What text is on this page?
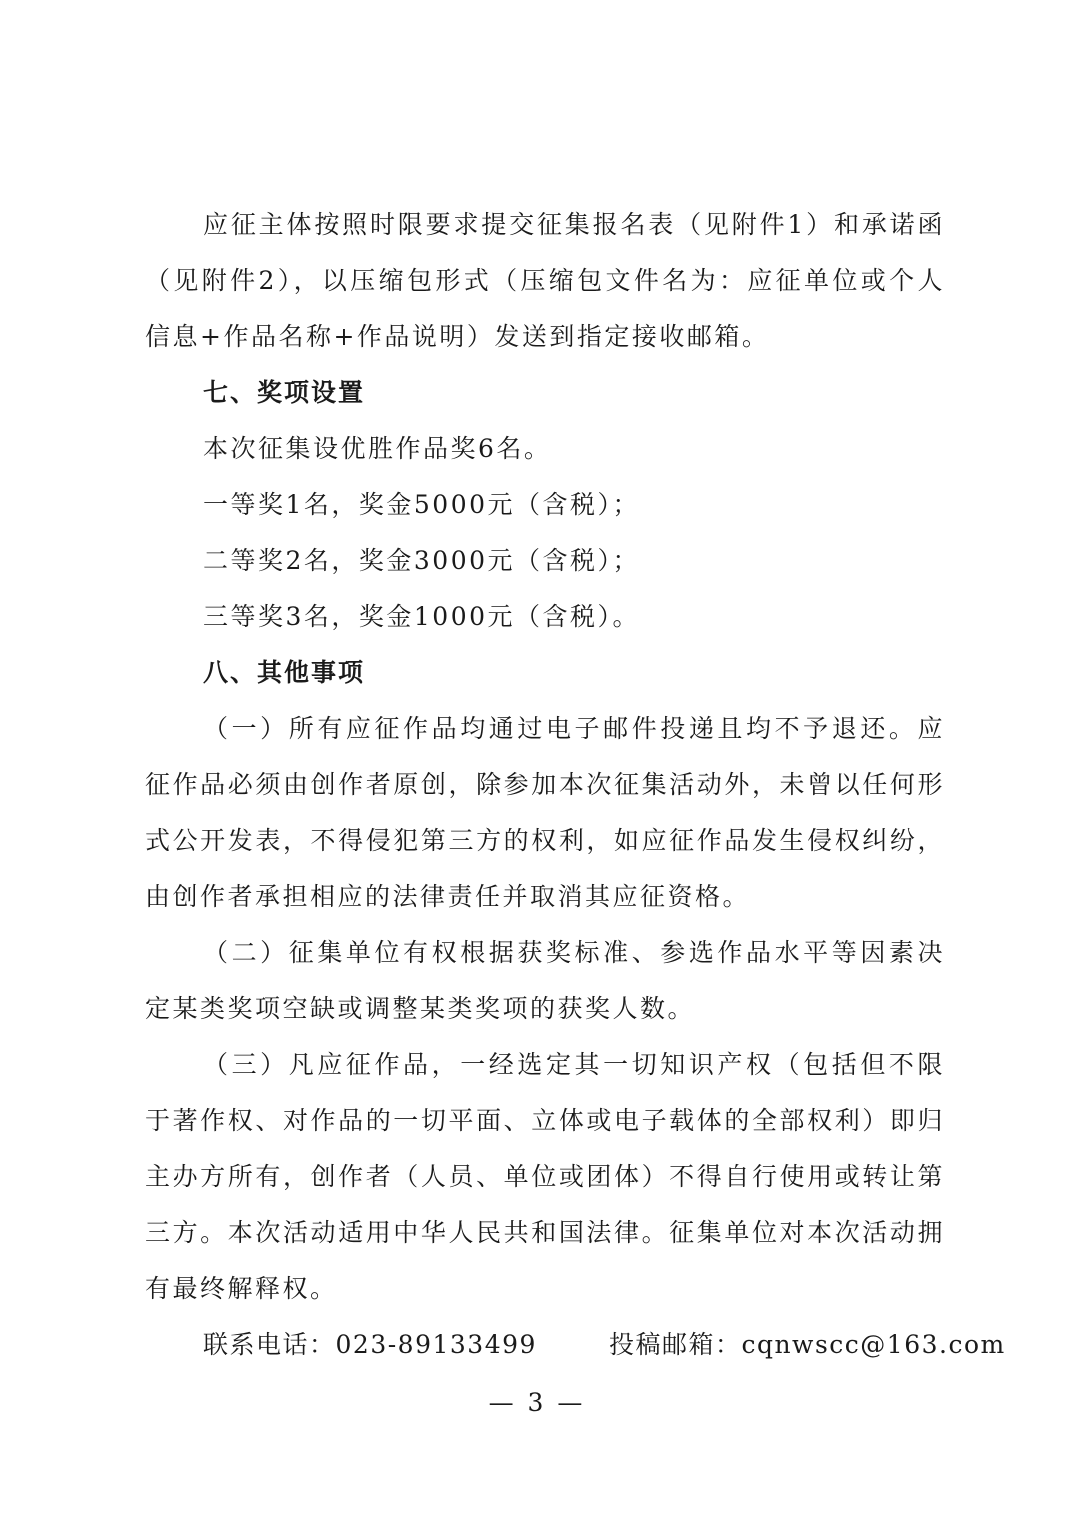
应征主体按照时限要求提交征集报名表（见附件1）和承诺函（见附件2），以压缩包形式（压缩包文件名为：应征单位或个人信息+作品名称+作品说明）发送到指定接收邮箱。

七、奖项设置

本次征集设优胜作品奖6名。

一等奖1名，奖金5000元（含税）；

二等奖2名，奖金3000元（含税）；

三等奖3名，奖金1000元（含税）。

八、其他事项

（一）所有应征作品均通过电子邮件投递且均不予退还。应征作品必须由创作者原创，除参加本次征集活动外，未曾以任何形式公开发表，不得侵犯第三方的权利，如应征作品发生侵权纠纷，由创作者承担相应的法律责任并取消其应征资格。

（二）征集单位有权根据获奖标准、参选作品水平等因素决定某类奖项空缺或调整某类奖项的获奖人数。

（三）凡应征作品，一经选定其一切知识产权（包括但不限于著作权、对作品的一切平面、立体或电子载体的全部权利）即归主办方所有，创作者（人员、单位或团体）不得自行使用或转让第三方。本次活动适用中华人民共和国法律。征集单位对本次活动拥有最终解释权。

联系电话：023-89133499	投稿邮箱：cqnwscc@163.com

— 3 —
